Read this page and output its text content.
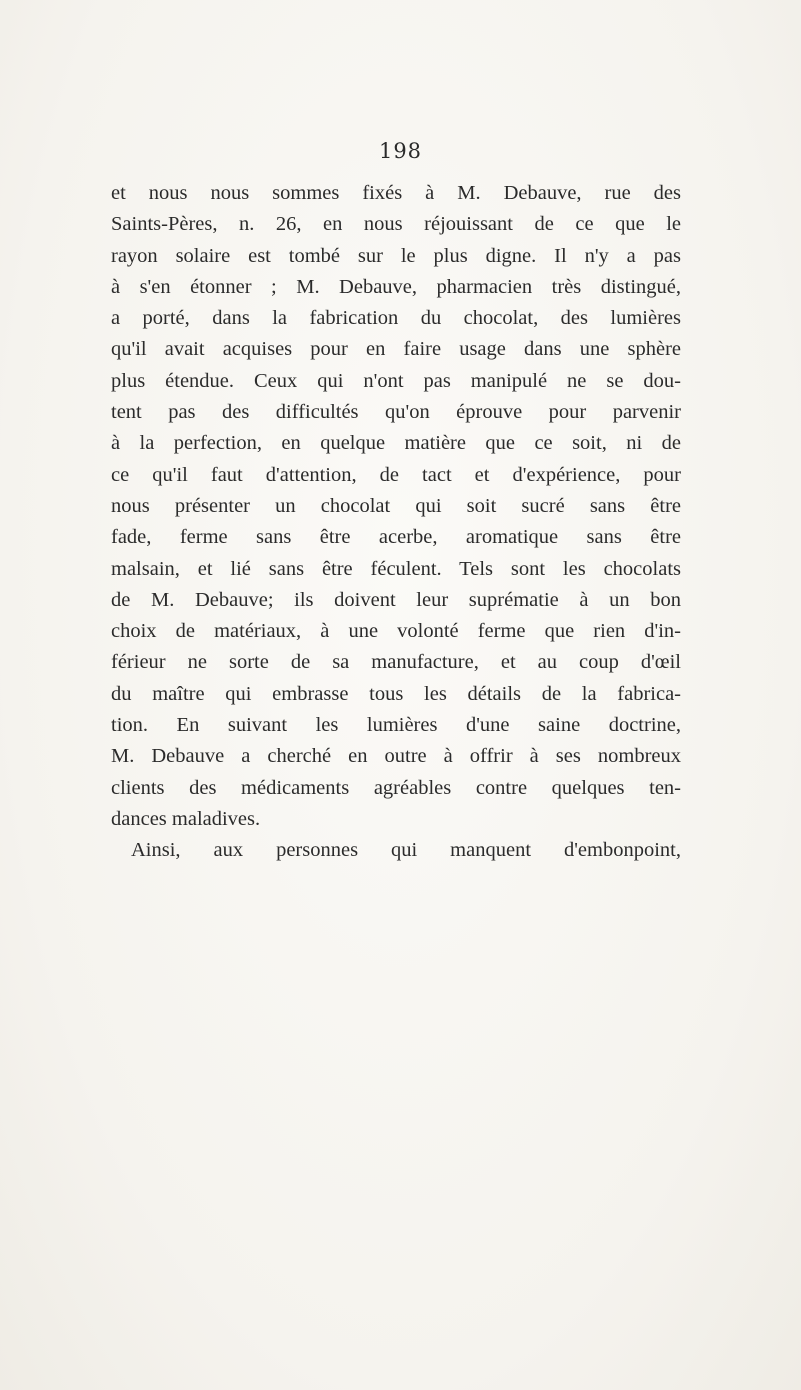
198
et nous nous sommes fixés à M. Debauve, rue des
Saints-Pères, n. 26, en nous réjouissant de ce que le
rayon solaire est tombé sur le plus digne. Il n'y a pas
à s'en étonner ; M. Debauve, pharmacien très distingué,
a porté, dans la fabrication du chocolat, des lumières
qu'il avait acquises pour en faire usage dans une sphère
plus étendue. Ceux qui n'ont pas manipulé ne se dou-
tent pas des difficultés qu'on éprouve pour parvenir
à la perfection, en quelque matière que ce soit, ni de
ce qu'il faut d'attention, de tact et d'expérience, pour
nous présenter un chocolat qui soit sucré sans être
fade, ferme sans être acerbe, aromatique sans être
malsain, et lié sans être féculent. Tels sont les chocolats
de M. Debauve; ils doivent leur suprématie à un bon
choix de matériaux, à une volonté ferme que rien d'in-
férieur ne sorte de sa manufacture, et au coup d'œil
du maître qui embrasse tous les détails de la fabrica-
tion. En suivant les lumières d'une saine doctrine,
M. Debauve a cherché en outre à offrir à ses nombreux
clients des médicaments agréables contre quelques ten-
dances maladives.
Ainsi, aux personnes qui manquent d'embonpoint,
